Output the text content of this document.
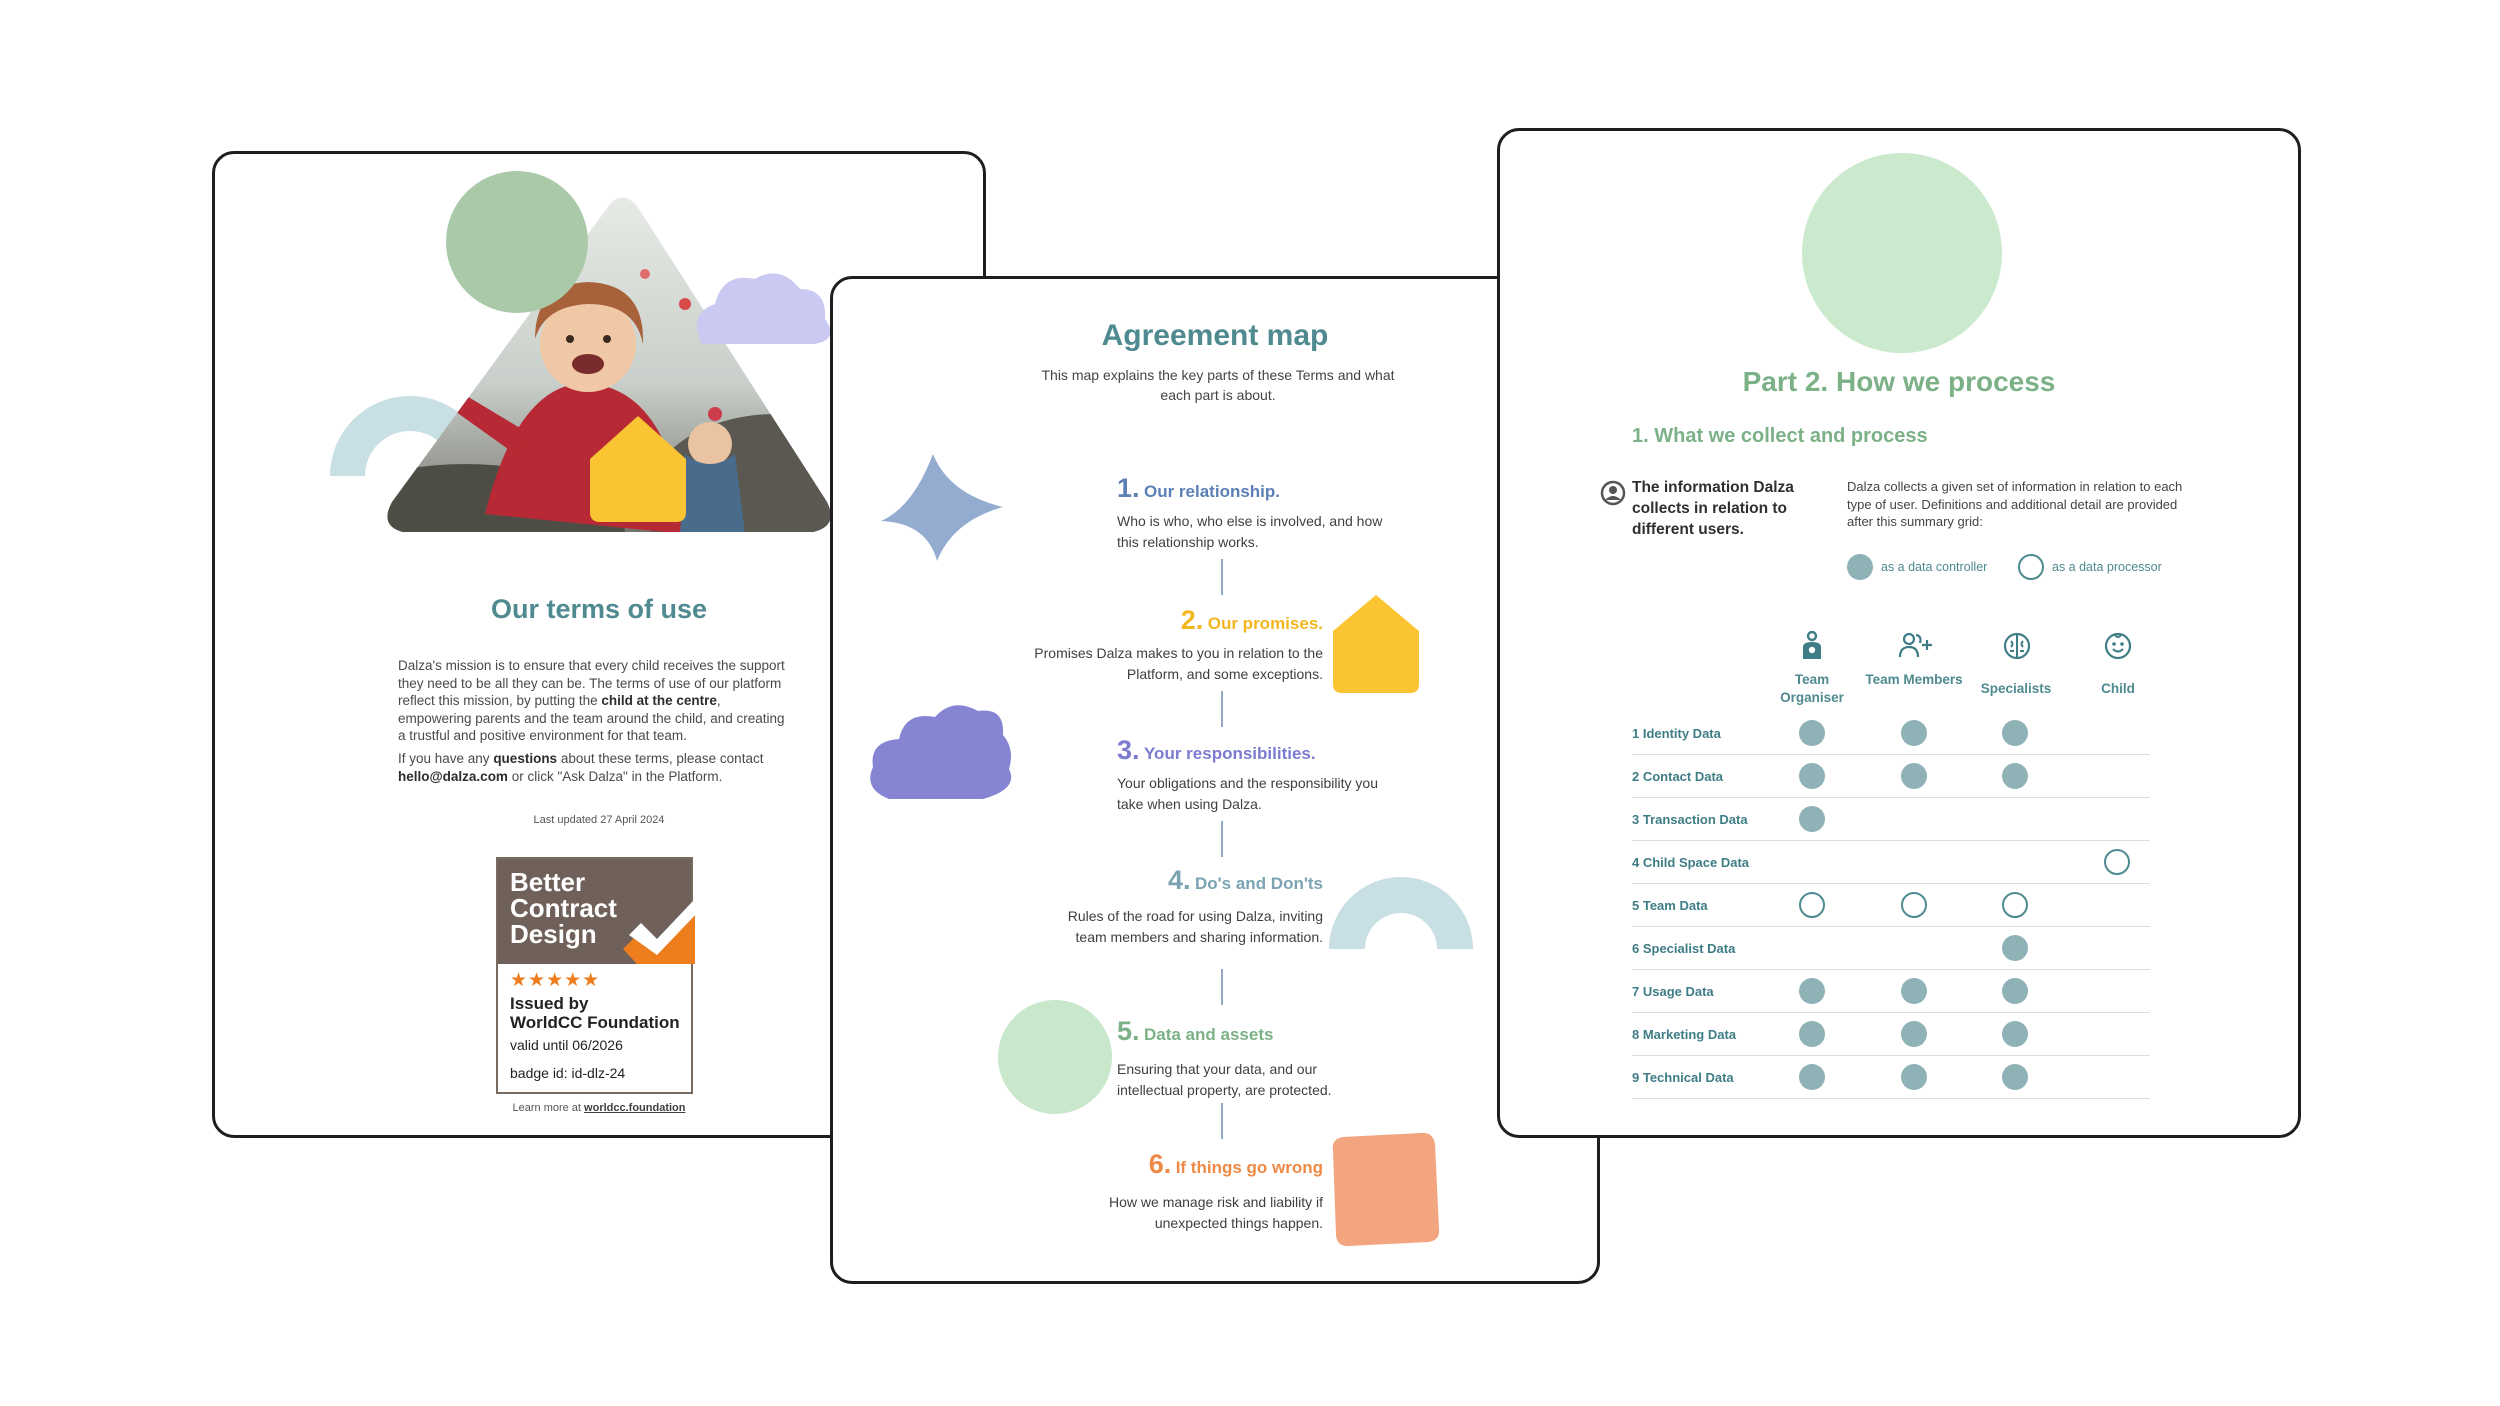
Our terms of use
Dalza's mission is to ensure that every child receives the support they need to be all they can be. The terms of use of our platform reflect this mission, by putting the child at the centre, empowering parents and the team around the child, and creating a trustful and positive environment for that team.
If you have any questions about these terms, please contact hello@dalza.com or click "Ask Dalza" in the Platform.
Last updated 27 April 2024
Better
Contract
Design
★★★★★
Issued by
WorldCC Foundation
valid until 06/2026
badge id: id-dlz-24
Learn more at worldcc.foundation
Agreement map
This map explains the key parts of these Terms and what each part is about.
1. Our relationship.
Who is who, who else is involved, and how this relationship works.
2. Our promises.
Promises Dalza makes to you in relation to the Platform, and some exceptions.
3. Your responsibilities.
Your obligations and the responsibility you take when using Dalza.
4. Do's and Don'ts
Rules of the road for using Dalza, inviting team members and sharing information.
5. Data and assets
Ensuring that your data, and our intellectual property, are protected.
6. If things go wrong
How we manage risk and liability if unexpected things happen.
Part 2. How we process
1. What we collect and process
The information Dalza collects in relation to different users.
Dalza collects a given set of information in relation to each type of user. Definitions and additional detail are provided after this summary grid:
as a data controller	as a data processor
Team Organiser
Team Members
Specialists	Child
1 Identity Data
2 Contact Data
3 Transaction Data
4 Child Space Data
5 Team Data
6 Specialist Data
7 Usage Data
8 Marketing Data
9 Technical Data
